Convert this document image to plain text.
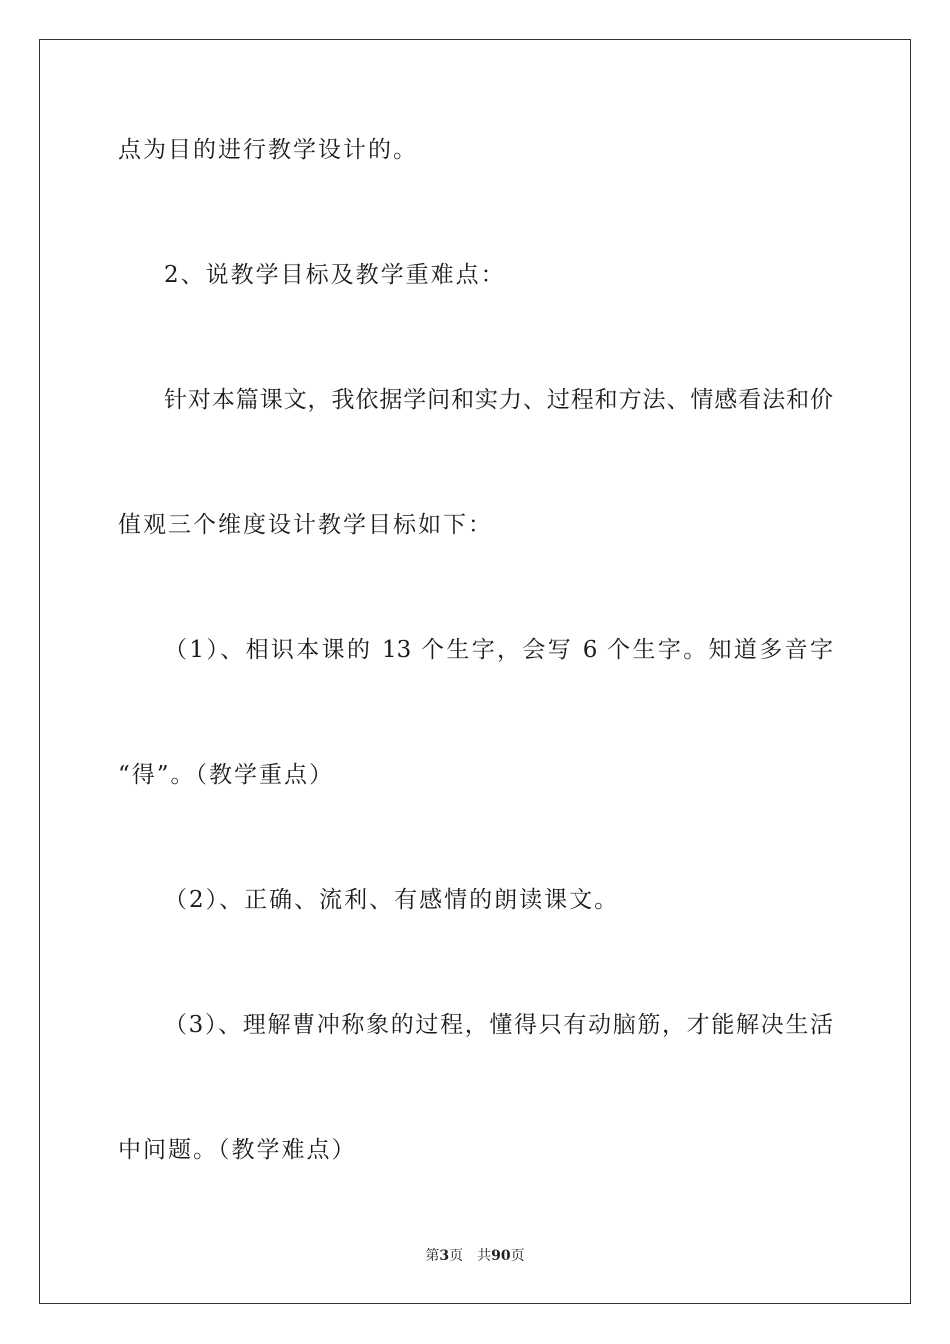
点为目的进行教学设计的。

2、说教学目标及教学重难点：

针对本篇课文，我依据学问和实力、过程和方法、情感看法和价

值观三个维度设计教学目标如下：

（1）、相识本课的 13 个生字，会写 6 个生字。知道多音字

“得”。（教学重点）

（2）、正确、流利、有感情的朗读课文。

（3）、理解曹冲称象的过程，懂得只有动脑筋，才能解决生活

中问题。（教学难点）

第3页 共90页
